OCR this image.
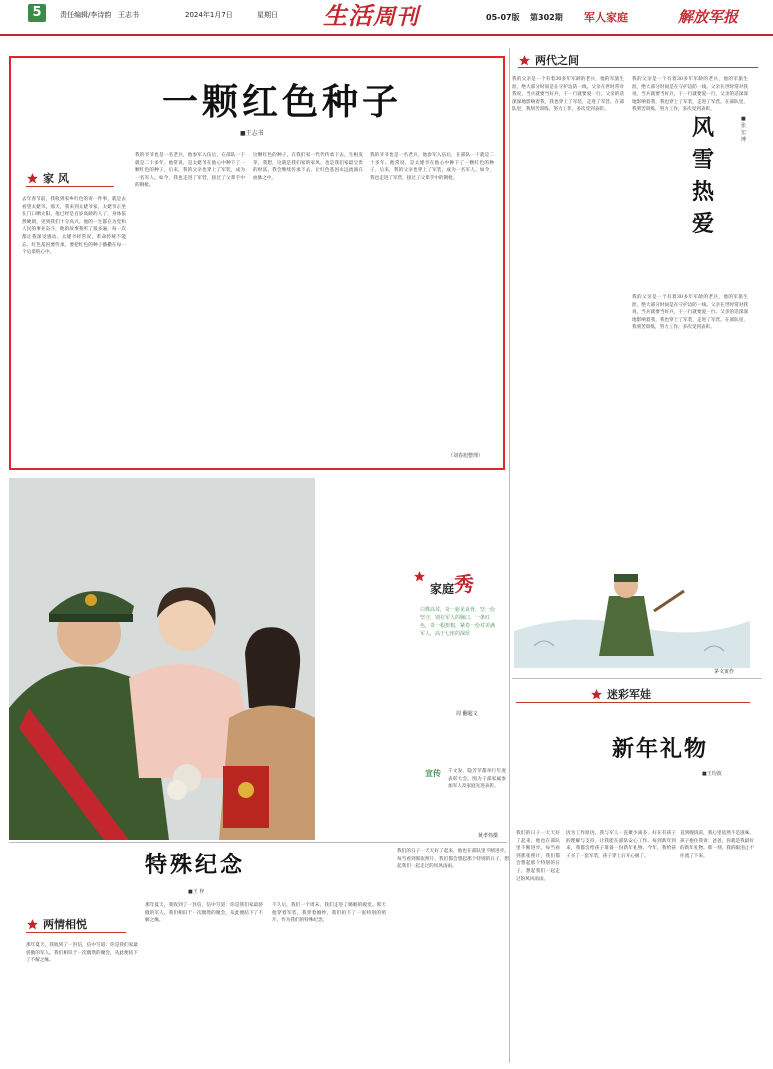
5	责任编辑/李诗韵 王志书	2024年1月7日	星期日 生活周刊	05-07版 第302期 军人家庭	解放军报
一颗红色种子
■王志书
家 风
去年春节前，我收到家乡红色的寄一件事，就是去看望太姥爷。那天，我来到太姥爷家，太姥爷正坐在门口晒太阳。他已经是百岁高龄的人了，身体依然硬朗，见到我们十分高兴。他的一生都在为党和人民的事业奋斗，他的故事我听了很多遍，每一次都让我深受感动。太姥爷经常说，革命传统不能忘，红色基因要传承，要把红色的种子播撒在每一个后辈的心中。
我的爷爷也是一名老兵，他参军入伍后，在部队一干就是二十多年。他常说，是太姥爷在他心中种下了一颗红色的种子。后来，我的父亲也穿上了军装，成为一名军人。如今，我也走进了军营，接过了父辈手中的钢枪。
这颗红色的种子，在我们家一代代传承下去，生根发芽。我想，这就是我们家的家风，也是我们家最宝贵的财富。我会继续传承下去，让红色基因永远流淌在血脉之中。
我的爷爷也是一名老兵，他参军入伍后，在部队一干就是二十多年。他常说，是太姥爷在他心中种下了一颗红色的种子。后来，我的父亲也穿上了军装，成为一名军人。如今，我也走进了军营，接过了父辈手中的钢枪。
（刘春旭整理）
两代之间
我的父亲是一个有着30多年军龄的老兵，他的军旅生涯，绝大部分时间是在守护边防一线。父亲在世时常对我说，当兵就要当好兵，干一行就要爱一行。父亲的话深深地影响着我，我也穿上了军装，走进了军营。在部队里，我刻苦训练，努力工作，多次受到表彰。
我的父亲是一个有着30多年军龄的老兵，他的军旅生涯，绝大部分时间是在守护边防一线。父亲在世时常对我说，当兵就要当好兵，干一行就要爱一行。父亲的话深深地影响着我，我也穿上了军装，走进了军营。在部队里，我刻苦训练，努力工作，多次受到表彰。
风雪热爱
■张宏博
我的父亲是一个有着30多年军龄的老兵，他的军旅生涯，绝大部分时间是在守护边防一线。父亲在世时常对我说，当兵就要当好兵，干一行就要爱一行。父亲的话深深地影响着我，我也穿上了军装，走进了军营。在部队里，我刻苦训练，努力工作，多次受到表彰。
家庭 秀
白桦高耸，奇一崭见良骨，坚一份坚守，别在军人的胸口，一条红色，奇一根扭根，紧卷一份对美满军人，高于七座的深厚
周 翻超文
宣传 千文发，隐芳苹都举行年度表彰大会。图为干部家属参加军人及家庭先进表彰。
黄孝伟摄
茅文寅作
迷彩军娃
新年礼物
■王均波
因为工作原因，我与军人一直聚少离多，好在有孩子的理解与支持，让我能在部队安心工作。每到新年到来，我都会给孩子准备一份新年礼物。今年，我给孩子买了一套军装，孩子穿上后开心极了。
直到晚饭前，我心里依然不是滋味，孩子抱住我说：爸爸，你就是我最好的新年礼物。那一刻，我的眼泪止不住流了下来。
特殊纪念
■王 梓
两情相悦
那年夏天，我收到了一封信，信中写道：你是我们家最骄傲的军人。我们相识于一次偶然的聚会，从此便结下了不解之缘。
那年夏天，我收到了一封信，信中写道：你是我们家最骄傲的军人。我们相识于一次偶然的聚会，从此便结下了不解之缘。
不久后，我们一个周末，我们走进了婚姻的殿堂。那天他穿着军装，我穿着婚纱，我们拍下了一张特别的照片，作为我们的特殊纪念。
我们的日子一天天好了起来，他也在部队里不断进步。每当看到那张照片，我们都会想起那个特别的日子，想起我们一起走过的风风雨雨。
我们的日子一天天好了起来，他也在部队里不断进步。每当看到那张照片，我们都会想起那个特别的日子，想起我们一起走过的风风雨雨。
